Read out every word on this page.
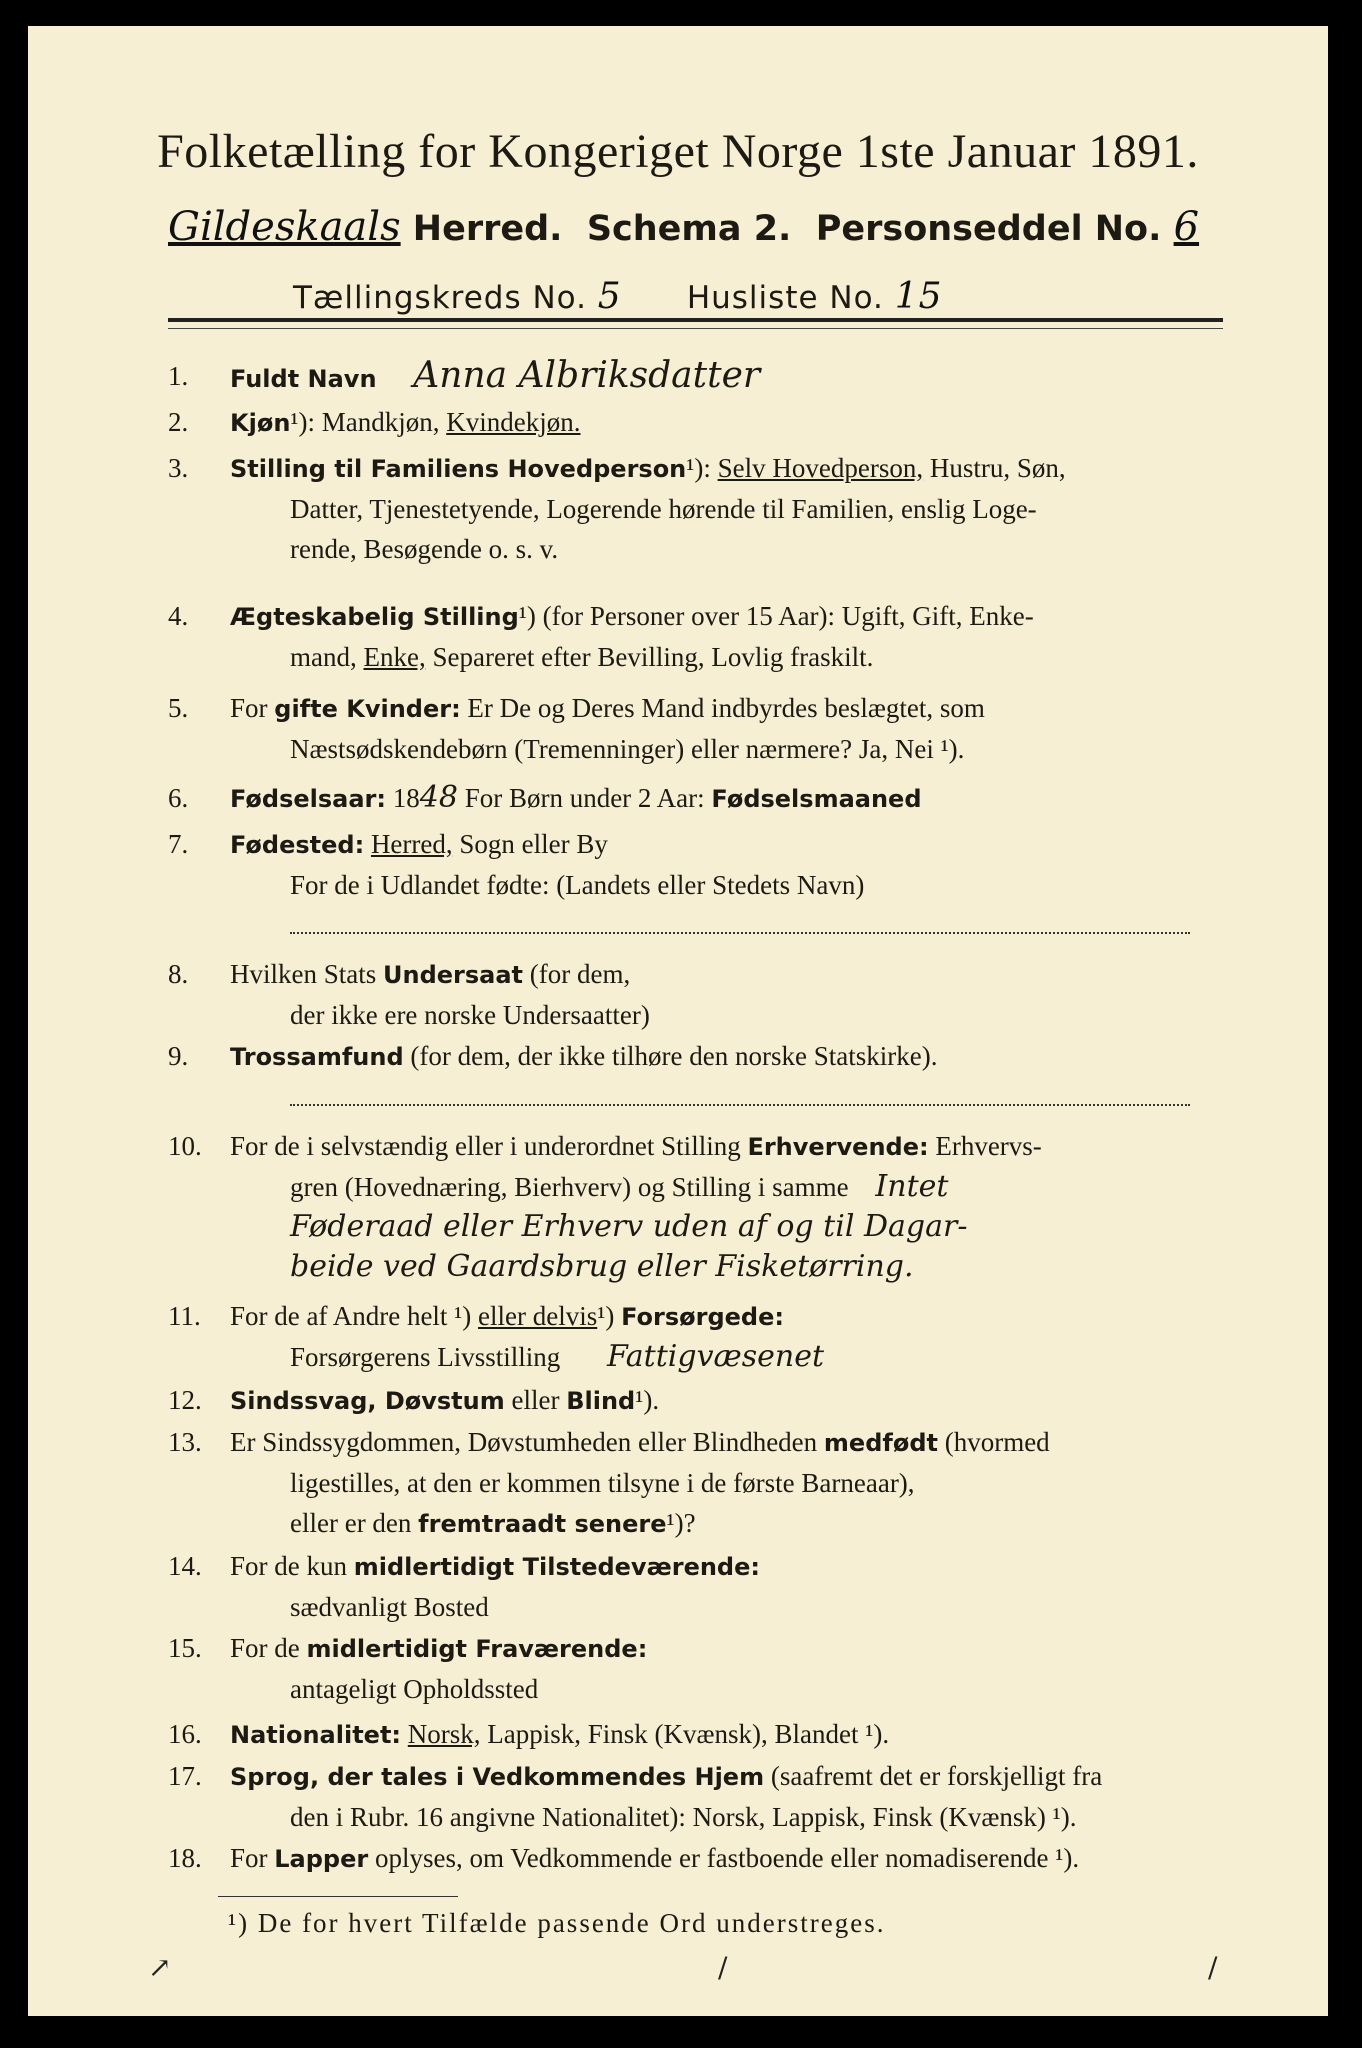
Folketælling for Kongeriget Norge 1ste Januar 1891.
Gildeskaals Herred. Schema 2. Personseddel No. 6
Tællingskreds No. 5 Husliste No. 15
1.	Fuldt Navn Anna Albriksdatter
2.	Kjøn¹): Mandkjøn, Kvindekjøn.
3.	Stilling til Familiens Hovedperson¹): Selv Hovedperson, Hustru, Søn,
Datter, Tjenestetyende, Logerende hørende til Familien, enslig Loge-
rende, Besøgende o. s. v.
4.	Ægteskabelig Stilling¹) (for Personer over 15 Aar): Ugift, Gift, Enke-
mand, Enke, Separeret efter Bevilling, Lovlig fraskilt.
5.	For gifte Kvinder: Er De og Deres Mand indbyrdes beslægtet, som
Næstsødskendebørn (Tremenninger) eller nærmere? Ja, Nei ¹).
6.	Fødselsaar: 1848 For Børn under 2 Aar: Fødselsmaaned
7.	Fødested: Herred, Sogn eller By
For de i Udlandet fødte: (Landets eller Stedets Navn)

8.	Hvilken Stats Undersaat (for dem,
der ikke ere norske Undersaatter)
9.	Trossamfund (for dem, der ikke tilhøre den norske Statskirke).

10.	For de i selvstændig eller i underordnet Stilling Erhvervende: Erhvervs-
gren (Hovednæring, Bierhverv) og Stilling i samme Intet
Føderaad eller Erhverv uden af og til Dagar-
beide ved Gaardsbrug eller Fisketørring.
11.	For de af Andre helt ¹) eller delvis¹) Forsørgede:
Forsørgerens Livsstilling Fattigvæsenet
12.	Sindssvag, Døvstum eller Blind¹).
13.	Er Sindssygdommen, Døvstumheden eller Blindheden medfødt (hvormed
ligestilles, at den er kommen tilsyne i de første Barneaar),
eller er den fremtraadt senere¹)?
14.	For de kun midlertidigt Tilstedeværende:
sædvanligt Bosted
15.	For de midlertidigt Fraværende:
antageligt Opholdssted
16.	Nationalitet: Norsk, Lappisk, Finsk (Kvænsk), Blandet ¹).
17.	Sprog, der tales i Vedkommendes Hjem (saafremt det er forskjelligt fra
den i Rubr. 16 angivne Nationalitet): Norsk, Lappisk, Finsk (Kvænsk) ¹).
18.	For Lapper oplyses, om Vedkommende er fastboende eller nomadiserende ¹).
¹) De for hvert Tilfælde passende Ord understreges.
↗	/	/
